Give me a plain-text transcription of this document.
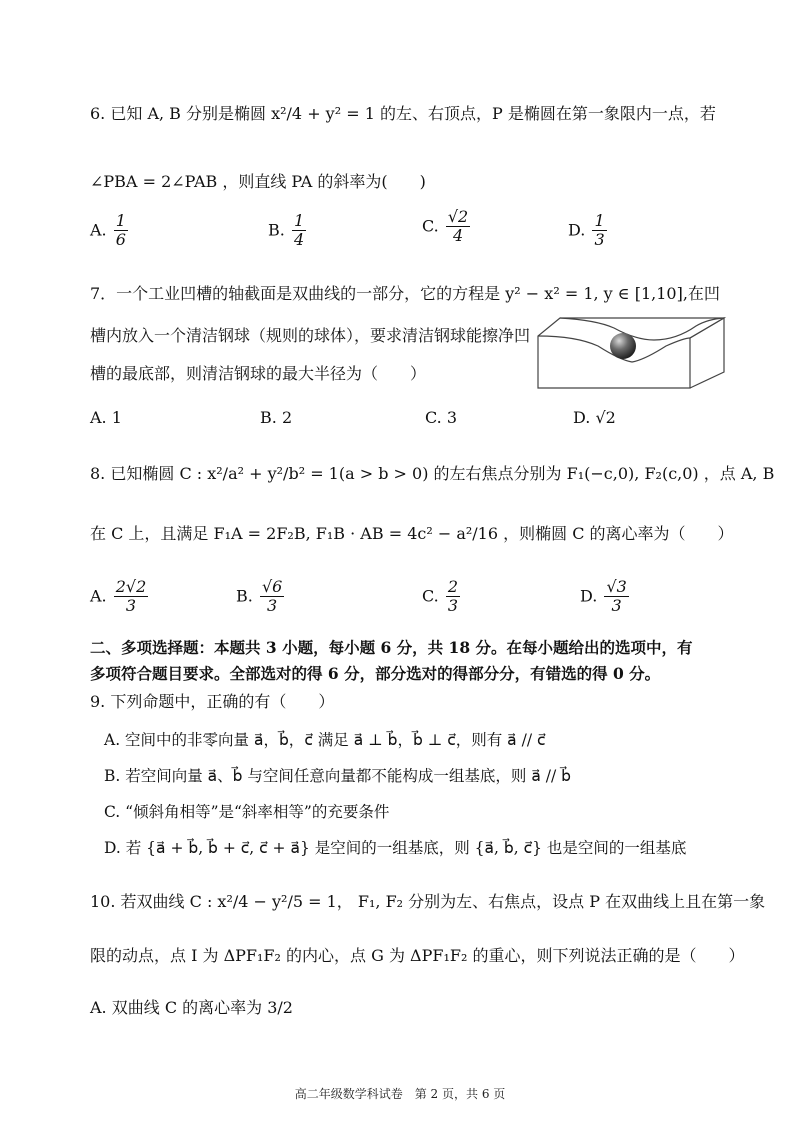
6. 已知 A, B 分别是椭圆 x²/4 + y² = 1 的左、右顶点，P 是椭圆在第一象限内一点，若
∠PBA = 2∠PAB ，则直线 PA 的斜率为(　　)
A. $\frac{1}{6}$	B. $\frac{1}{4}$	C. $\frac{√2}{4}$	D. $\frac{1}{3}$
7．一个工业凹槽的轴截面是双曲线的一部分，它的方程是 y² − x² = 1, y ∈ [1,10],在凹
槽内放入一个清洁钢球（规则的球体），要求清洁钢球能擦净凹
槽的最底部，则清洁钢球的最大半径为（　　）
A. 1	B. 2	C. 3	D. √2
8. 已知椭圆 C : x²/a² + y²/b² = 1(a > b > 0) 的左右焦点分别为 F₁(−c,0), F₂(c,0) ，点 A, B
在 C 上，且满足 F₁A = 2F₂B, F₁B · AB = 4c² − a²/16 ，则椭圆 C 的离心率为（　　）
A. $\frac{2√2}{3}$	B. $\frac{√6}{3}$	C. $\frac{2}{3}$	D. $\frac{√3}{3}$
二、多项选择题：本题共 3 小题，每小题 6 分，共 18 分。在每小题给出的选项中，有
多项符合题目要求。全部选对的得 6 分，部分选对的得部分分，有错选的得 0 分。
9. 下列命题中，正确的有（　　）
A. 空间中的非零向量 a⃗，b⃗，c⃗ 满足 a⃗ ⊥ b⃗，b⃗ ⊥ c⃗，则有 a⃗ // c⃗
B. 若空间向量 a⃗、b⃗ 与空间任意向量都不能构成一组基底，则 a⃗ // b⃗
C. “倾斜角相等”是“斜率相等”的充要条件
D. 若 {a⃗ + b⃗, b⃗ + c⃗, c⃗ + a⃗} 是空间的一组基底，则 {a⃗, b⃗, c⃗} 也是空间的一组基底
10. 若双曲线 C : x²/4 − y²/5 = 1， F₁, F₂ 分别为左、右焦点，设点 P 在双曲线上且在第一象
限的动点，点 I 为 ΔPF₁F₂ 的内心，点 G 为 ΔPF₁F₂ 的重心，则下列说法正确的是（　　）
A. 双曲线 C 的离心率为 3/2
高二年级数学科试卷　第 2 页，共 6 页
